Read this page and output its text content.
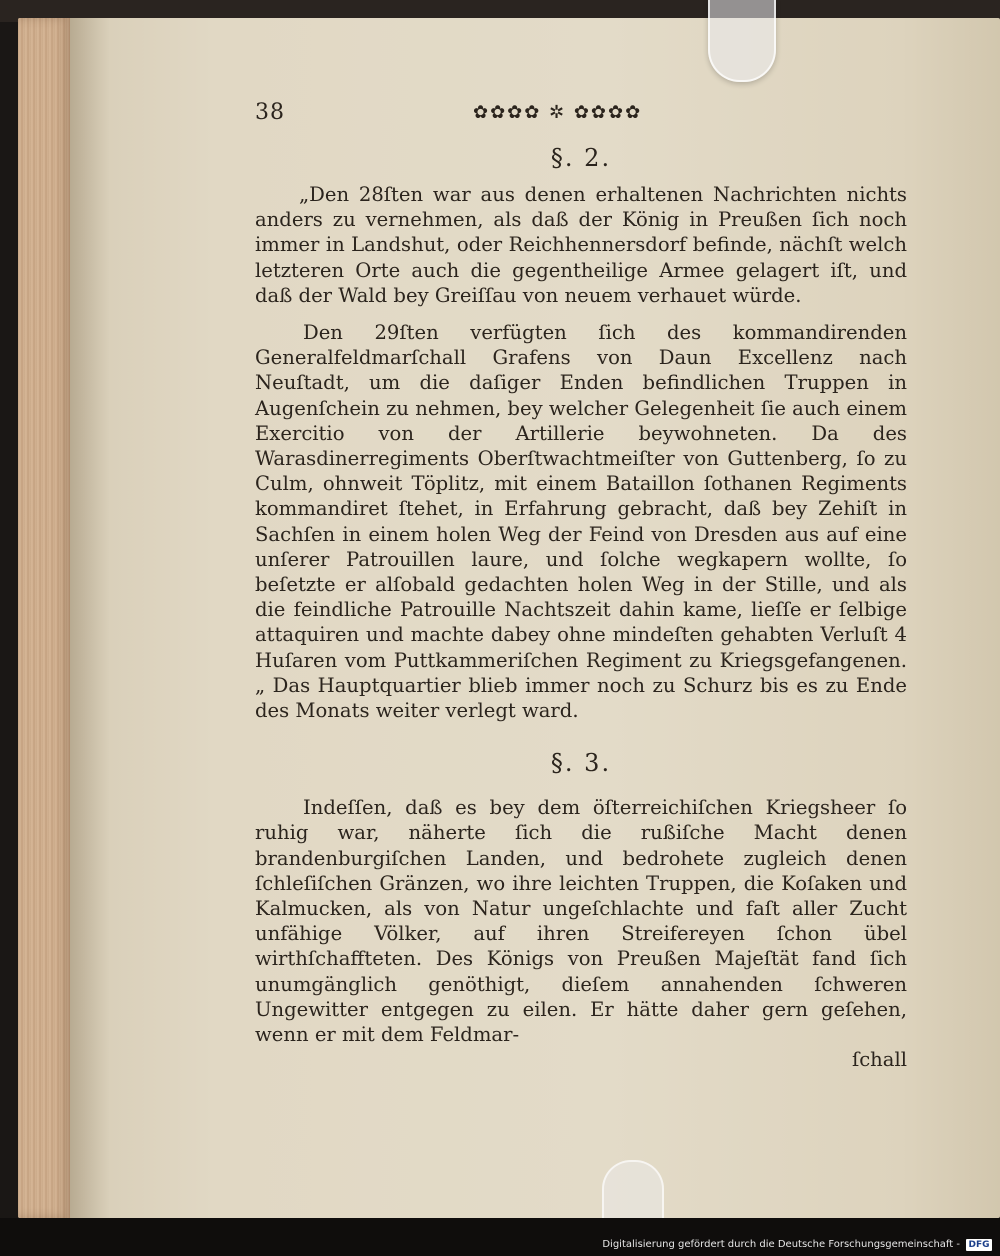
38	✿✿✿✿ ✲ ✿✿✿✿
§. 2.

„Den 28ſten war aus denen erhaltenen Nachrichten nichts anders zu vernehmen, als daß der König in Preußen ſich noch immer in Landshut, oder Reichhennersdorf befinde, nächſt welch letzteren Orte auch die gegentheilige Armee gelagert iſt, und daß der Wald bey Greiſſau von neuem verhauet würde.

Den 29ſten verfügten ſich des kommandirenden Generalfeldmarſchall Grafens von Daun Excellenz nach Neuſtadt, um die daſiger Enden befindlichen Truppen in Augenſchein zu nehmen, bey welcher Gelegenheit ſie auch einem Exercitio von der Artillerie beywohneten. Da des Warasdinerregiments Oberſtwachtmeiſter von Guttenberg, ſo zu Culm, ohnweit Töplitz, mit einem Bataillon ſothanen Regiments kommandiret ſtehet, in Erfahrung gebracht, daß bey Zehiſt in Sachſen in einem holen Weg der Feind von Dresden aus auf eine unſerer Patrouillen laure, und ſolche wegkapern wollte, ſo beſetzte er alſobald gedachten holen Weg in der Stille, und als die feindliche Patrouille Nachtszeit dahin kame, lieſſe er ſelbige attaquiren und machte dabey ohne mindeſten gehabten Verluſt 4 Huſaren vom Puttkammeriſchen Regiment zu Kriegsgefangenen. „ Das Hauptquartier blieb immer noch zu Schurz bis es zu Ende des Monats weiter verlegt ward.

§. 3.

Indeſſen, daß es bey dem öſterreichiſchen Kriegsheer ſo ruhig war, näherte ſich die rußiſche Macht denen brandenburgiſchen Landen, und bedrohete zugleich denen ſchleſiſchen Gränzen, wo ihre leichten Truppen, die Koſaken und Kalmucken, als von Natur ungeſchlachte und faſt aller Zucht unfähige Völker, auf ihren Streifereyen ſchon übel wirthſchaffteten. Des Königs von Preußen Majeſtät fand ſich unumgänglich genöthigt, dieſem annahenden ſchweren Ungewitter entgegen zu eilen. Er hätte daher gern geſehen, wenn er mit dem Feldmar-

ſchall
Digitalisierung gefördert durch die Deutsche Forschungsgemeinschaft - DFG
